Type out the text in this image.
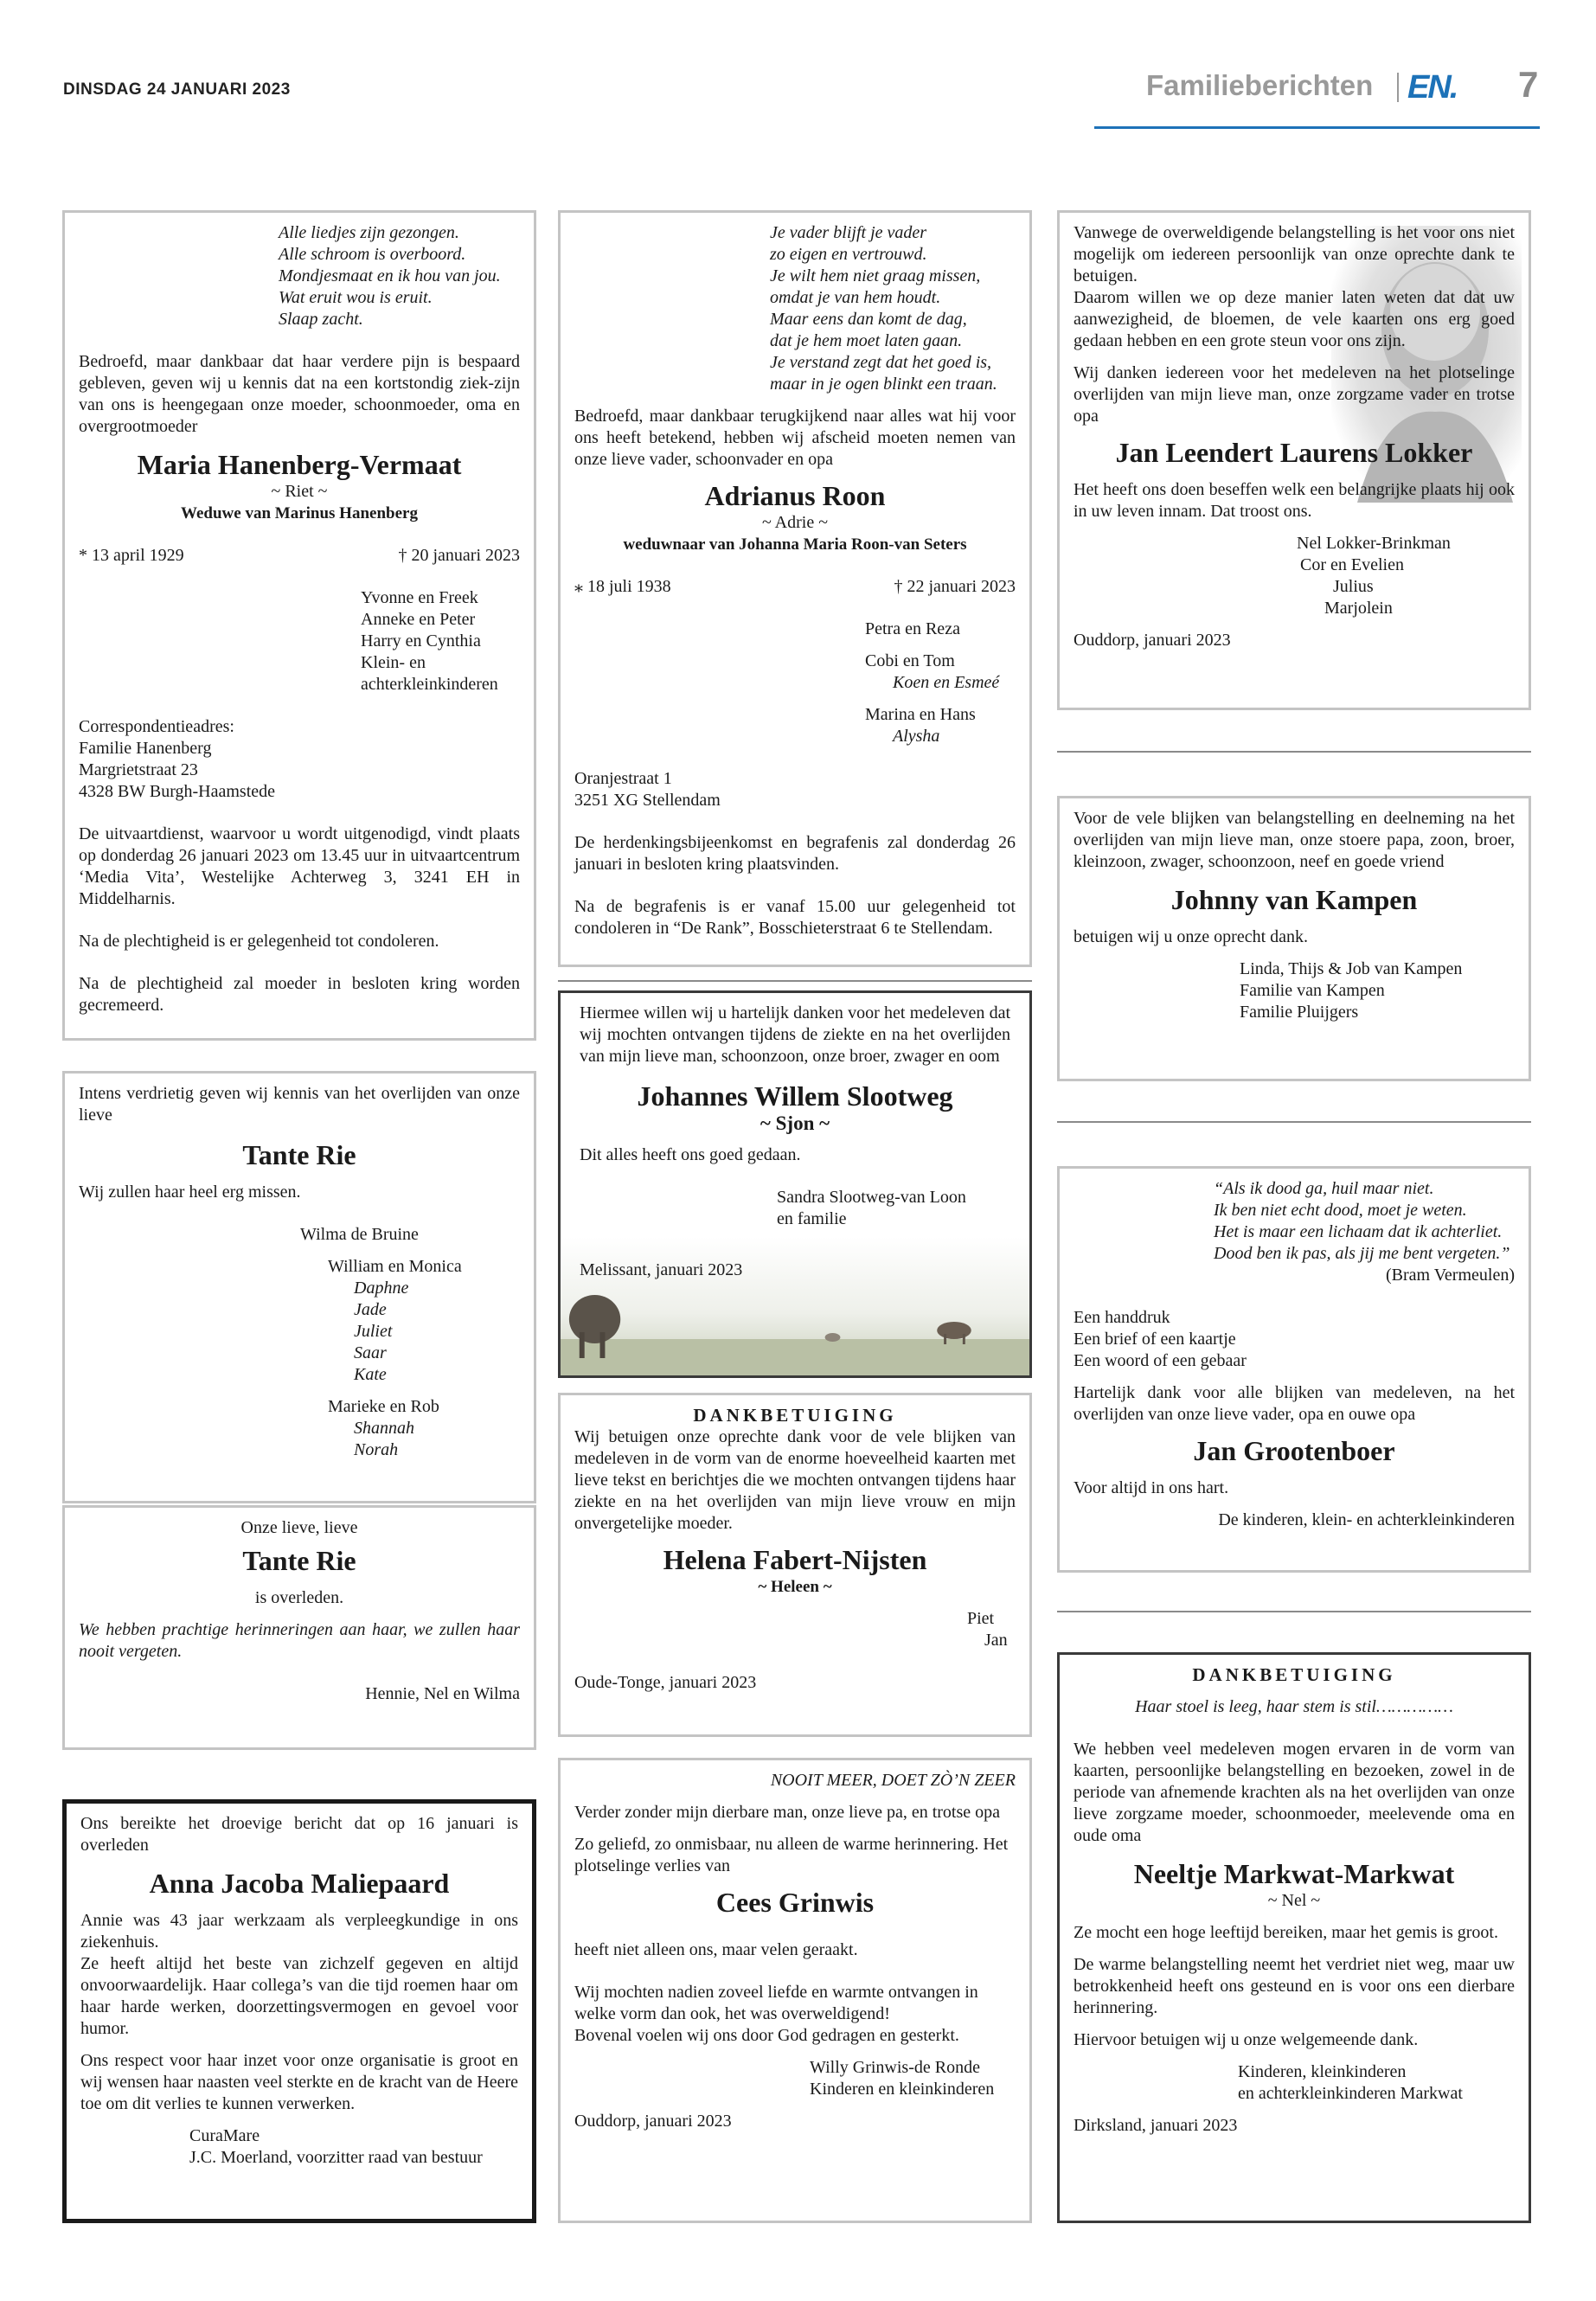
DINSDAG 24 JANUARI 2023	Familieberichten EN. 7
Alle liedjes zijn gezongen.
Alle schroom is overboord.
Mondjesmaat en ik hou van jou.
Wat eruit wou is eruit.
Slaap zacht.

Bedroefd, maar dankbaar dat haar verdere pijn is bespaard gebleven, geven wij u kennis dat na een kortstondig ziek-zijn van ons is heengegaan onze moeder, schoonmoeder, oma en overgrootmoeder

Maria Hanenberg-Vermaat
~ Riet ~
Weduwe van Marinus Hanenberg
* 13 april 1929	† 20 januari 2023
Yvonne en Freek
Anneke en Peter
Harry en Cynthia
Klein- en
achterkleinkinderen
Correspondentieadres:
Familie Hanenberg
Margrietstraat 23
4328 BW Burgh-Haamstede

De uitvaartdienst, waarvoor u wordt uitgenodigd, vindt plaats op donderdag 26 januari 2023 om 13.45 uur in uitvaartcentrum ‘Media Vita’, Westelijke Achterweg 3, 3241 EH in Middelharnis.

Na de plechtigheid is er gelegenheid tot condoleren.

Na de plechtigheid zal moeder in besloten kring worden gecremeerd.

Intens verdrietig geven wij kennis van het overlijden van onze lieve

Tante Rie

Wij zullen haar heel erg missen.

Wilma de Bruine
William en Monica
Daphne
Jade
Juliet
Saar
Kate
Marieke en Rob
Shannah
Norah

Onze lieve, lieve

Tante Rie

is overleden.

We hebben prachtige herinneringen aan haar, we zullen haar nooit vergeten.

Hennie, Nel en Wilma

Ons bereikte het droevige bericht dat op 16 januari is overleden

Anna Jacoba Maliepaard

Annie was 43 jaar werkzaam als verpleegkundige in ons ziekenhuis.

Ze heeft altijd het beste van zichzelf gegeven en altijd onvoorwaardelijk. Haar collega’s van die tijd roemen haar om haar harde werken, doorzettingsvermogen en gevoel voor humor.

Ons respect voor haar inzet voor onze organisatie is groot en wij wensen haar naasten veel sterkte en de kracht van de Heere toe om dit verlies te kunnen verwerken.

CuraMare
J.C. Moerland, voorzitter raad van bestuur
Je vader blijft je vader
zo eigen en vertrouwd.
Je wilt hem niet graag missen,
omdat je van hem houdt.
Maar eens dan komt de dag,
dat je hem moet laten gaan.
Je verstand zegt dat het goed is,
maar in je ogen blinkt een traan.

Bedroefd, maar dankbaar terugkijkend naar alles wat hij voor ons heeft betekend, hebben wij afscheid moeten nemen van onze lieve vader, schoonvader en opa

Adrianus Roon
~ Adrie ~
weduwnaar van Johanna Maria Roon-van Seters
⁎ 18 juli 1938	† 22 januari 2023
Petra en Reza
Cobi en Tom
Koen en Esmeé
Marina en Hans
Alysha
Oranjestraat 1
3251 XG Stellendam

De herdenkingsbijeenkomst en begrafenis zal donderdag 26 januari in besloten kring plaatsvinden.

Na de begrafenis is er vanaf 15.00 uur gelegenheid tot condoleren in “De Rank”, Bosschieterstraat 6 te Stellendam.

Hiermee willen wij u hartelijk danken voor het medeleven dat wij mochten ontvangen tijdens de ziekte en na het overlijden van mijn lieve man, schoonzoon, onze broer, zwager en oom

Johannes Willem Slootweg
~ Sjon ~

Dit alles heeft ons goed gedaan.

Sandra Slootweg-van Loon
en familie
Melissant, januari 2023
DANKBETUIGING

Wij betuigen onze oprechte dank voor de vele blijken van medeleven in de vorm van de enorme hoeveelheid kaarten met lieve tekst en berichtjes die we mochten ontvangen tijdens haar ziekte en na het overlijden van mijn lieve vrouw en mijn onvergetelijke moeder.

Helena Fabert-Nijsten
~ Heleen ~
Piet
Jan
Oude-Tonge, januari 2023

NOOIT MEER, DOET ZÒ’N ZEER

Verder zonder mijn dierbare man, onze lieve pa, en trotse opa

Zo geliefd, zo onmisbaar, nu alleen de warme herinnering. Het plotselinge verlies van

Cees Grinwis

heeft niet alleen ons, maar velen geraakt.

Wij mochten nadien zoveel liefde en warmte ontvangen in welke vorm dan ook, het was overweldigend!

Bovenal voelen wij ons door God gedragen en gesterkt.

Willy Grinwis-de Ronde
Kinderen en kleinkinderen
Ouddorp, januari 2023

Vanwege de overweldigende belangstelling is het voor ons niet mogelijk om iedereen persoonlijk van onze oprechte dank te betuigen.

Daarom willen we op deze manier laten weten dat dat uw aanwezigheid, de bloemen, de vele kaarten ons erg goed gedaan hebben en een grote steun voor ons zijn.

Wij danken iedereen voor het medeleven na het plotselinge overlijden van mijn lieve man, onze zorgzame vader en trotse opa

Jan Leendert Laurens Lokker

Het heeft ons doen beseffen welk een belangrijke plaats hij ook in uw leven innam. Dat troost ons.

Nel Lokker-Brinkman
Cor en Evelien
Julius
Marjolein
Ouddorp, januari 2023

Voor de vele blijken van belangstelling en deelneming na het overlijden van mijn lieve man, onze stoere papa, zoon, broer, kleinzoon, zwager, schoonzoon, neef en goede vriend

Johnny van Kampen

betuigen wij u onze oprecht dank.

Linda, Thijs & Job van Kampen
Familie van Kampen
Familie Pluijgers
“Als ik dood ga, huil maar niet.
Ik ben niet echt dood, moet je weten.
Het is maar een lichaam dat ik achterliet.
Dood ben ik pas, als jij me bent vergeten.”
(Bram Vermeulen)
Een handdruk
Een brief of een kaartje
Een woord of een gebaar

Hartelijk dank voor alle blijken van medeleven, na het overlijden van onze lieve vader, opa en ouwe opa

Jan Grootenboer

Voor altijd in ons hart.

De kinderen, klein- en achterkleinkinderen

DANKBETUIGING

Haar stoel is leeg, haar stem is stil……………

We hebben veel medeleven mogen ervaren in de vorm van kaarten, persoonlijke belangstelling en bezoeken, zowel in de periode van afnemende krachten als na het overlijden van onze lieve zorgzame moeder, schoonmoeder, meelevende oma en oude oma

Neeltje Markwat-Markwat
~ Nel ~

Ze mocht een hoge leeftijd bereiken, maar het gemis is groot.

De warme belangstelling neemt het verdriet niet weg, maar uw betrokkenheid heeft ons gesteund en is voor ons een dierbare herinnering.

Hiervoor betuigen wij u onze welgemeende dank.

Kinderen, kleinkinderen
en achterkleinkinderen Markwat
Dirksland, januari 2023
